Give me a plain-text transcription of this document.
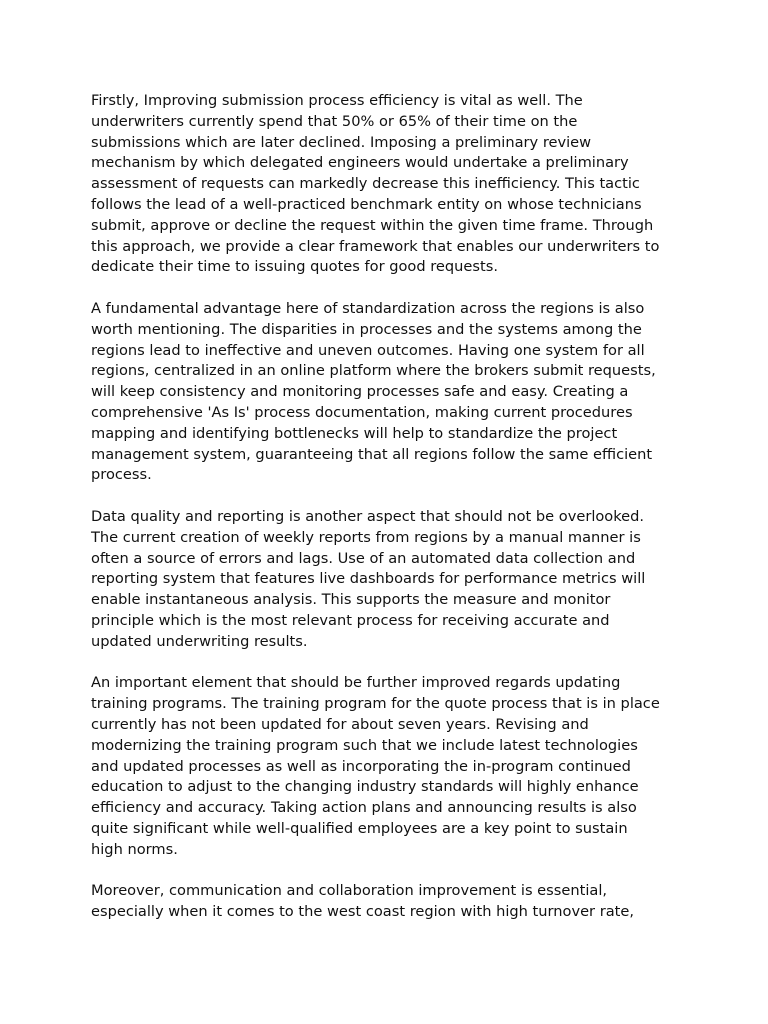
Firstly, Improving submission process efficiency is vital as well. The
underwriters currently spend that 50% or 65% of their time on the
submissions which are later declined. Imposing a preliminary review
mechanism by which delegated engineers would undertake a preliminary
assessment of requests can markedly decrease this inefficiency. This tactic
follows the lead of a well-practiced benchmark entity on whose technicians
submit, approve or decline the request within the given time frame. Through
this approach, we provide a clear framework that enables our underwriters to
dedicate their time to issuing quotes for good requests.

A fundamental advantage here of standardization across the regions is also
worth mentioning. The disparities in processes and the systems among the
regions lead to ineffective and uneven outcomes. Having one system for all
regions, centralized in an online platform where the brokers submit requests,
will keep consistency and monitoring processes safe and easy. Creating a
comprehensive 'As Is' process documentation, making current procedures
mapping and identifying bottlenecks will help to standardize the project
management system, guaranteeing that all regions follow the same efficient
process.

Data quality and reporting is another aspect that should not be overlooked.
The current creation of weekly reports from regions by a manual manner is
often a source of errors and lags. Use of an automated data collection and
reporting system that features live dashboards for performance metrics will
enable instantaneous analysis. This supports the measure and monitor
principle which is the most relevant process for receiving accurate and
updated underwriting results.

An important element that should be further improved regards updating
training programs. The training program for the quote process that is in place
currently has not been updated for about seven years. Revising and
modernizing the training program such that we include latest technologies
and updated processes as well as incorporating the in-program continued
education to adjust to the changing industry standards will highly enhance
efficiency and accuracy. Taking action plans and announcing results is also
quite significant while well-qualified employees are a key point to sustain
high norms.

Moreover, communication and collaboration improvement is essential,
especially when it comes to the west coast region with high turnover rate,
